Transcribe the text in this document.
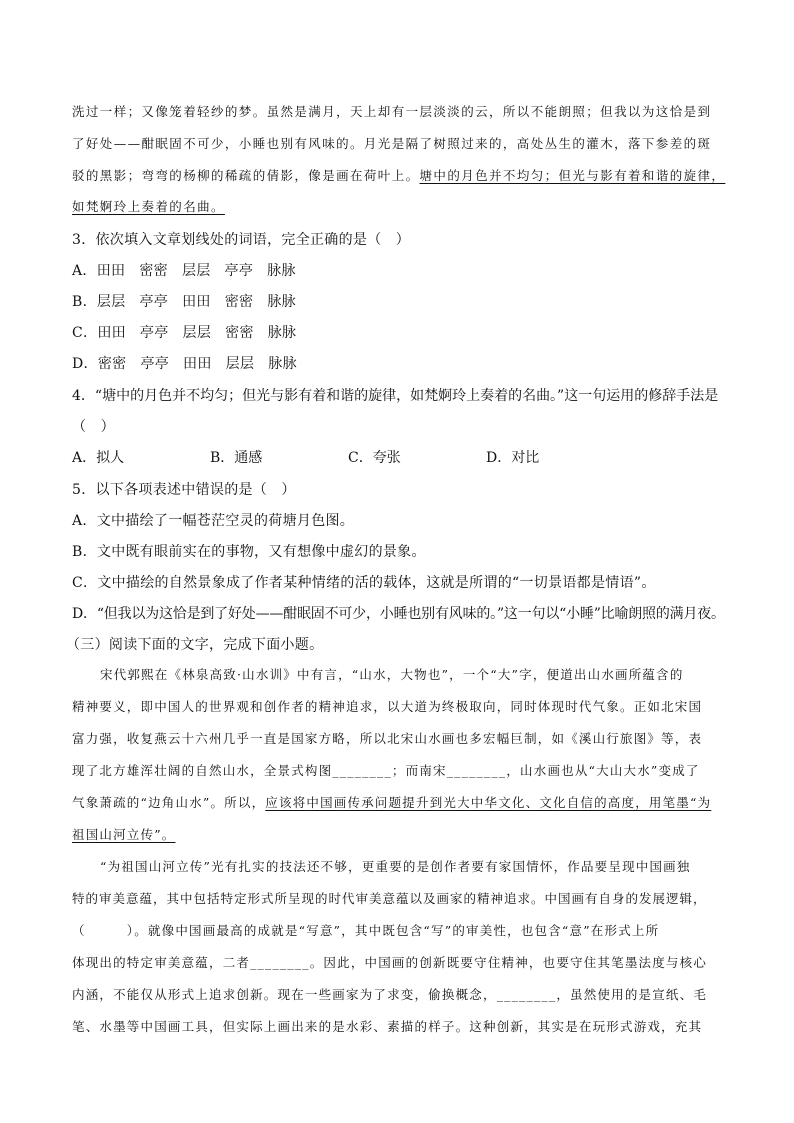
洗过一样；又像笼着轻纱的梦。虽然是满月，天上却有一层淡淡的云，所以不能朗照；但我以为这恰是到
了好处——酣眠固不可少，小睡也别有风味的。月光是隔了树照过来的，高处丛生的灌木，落下参差的斑
驳的黑影；弯弯的杨柳的稀疏的倩影，像是画在荷叶上。塘中的月色并不均匀；但光与影有着和谐的旋律，
如梵婀玲上奏着的名曲。
3．依次填入文章划线处的词语，完全正确的是（　）
A．田田 密密 层层 亭亭 脉脉
B．层层 亭亭 田田 密密 脉脉
C．田田 亭亭 层层 密密 脉脉
D．密密 亭亭 田田 层层 脉脉
4．“塘中的月色并不均匀；但光与影有着和谐的旋律，如梵婀玲上奏着的名曲。”这一句运用的修辞手法是
（　）
A．拟人	B．通感	C．夸张	D．对比
5．以下各项表述中错误的是（　）
A．文中描绘了一幅苍茫空灵的荷塘月色图。
B．文中既有眼前实在的事物，又有想像中虚幻的景象。
C．文中描绘的自然景象成了作者某种情绪的活的载体，这就是所谓的“一切景语都是情语”。
D．“但我以为这恰是到了好处——酣眠固不可少，小睡也别有风味的。”这一句以“小睡”比喻朗照的满月夜。
（三）阅读下面的文字，完成下面小题。
宋代郭熙在《林泉高致·山水训》中有言，“山水，大物也”，一个“大”字，便道出山水画所蕴含的
精神要义，即中国人的世界观和创作者的精神追求，以大道为终极取向，同时体现时代气象。正如北宋国
富力强，收复燕云十六州几乎一直是国家方略，所以北宋山水画也多宏幅巨制，如《溪山行旅图》等，表
现了北方雄浑壮阔的自然山水，全景式构图________；而南宋________，山水画也从“大山大水”变成了
气象萧疏的“边角山水”。所以，应该将中国画传承问题提升到光大中华文化、文化自信的高度，用笔墨“为
祖国山河立传”。
“为祖国山河立传”光有扎实的技法还不够，更重要的是创作者要有家国情怀，作品要呈现中国画独
特的审美意蕴，其中包括特定形式所呈现的时代审美意蕴以及画家的精神追求。中国画有自身的发展逻辑，
（　　　）。就像中国画最高的成就是“写意”，其中既包含“写”的审美性，也包含“意”在形式上所
体现出的特定审美意蕴，二者________。因此，中国画的创新既要守住精神，也要守住其笔墨法度与核心
内涵，不能仅从形式上追求创新。现在一些画家为了求变，偷换概念，________，虽然使用的是宣纸、毛
笔、水墨等中国画工具，但实际上画出来的是水彩、素描的样子。这种创新，其实是在玩形式游戏，充其
